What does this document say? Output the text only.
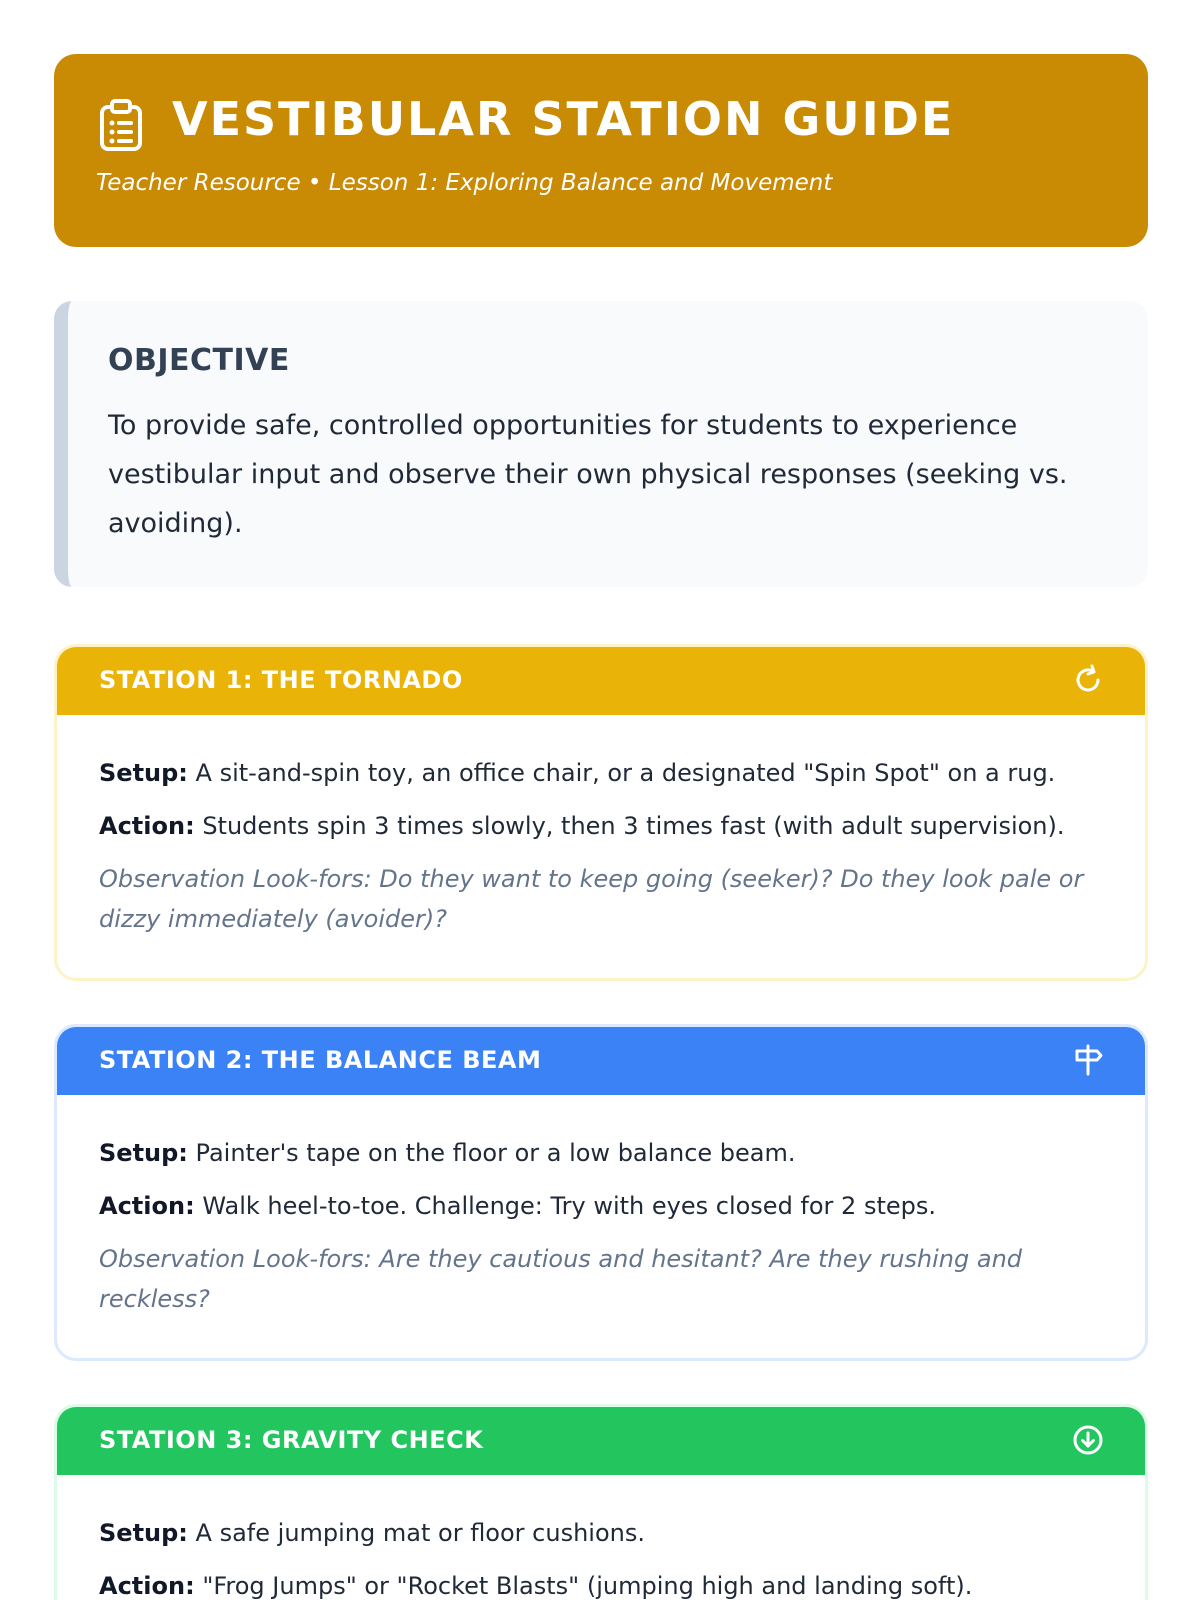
VESTIBULAR STATION GUIDE
Teacher Resource • Lesson 1: Exploring Balance and Movement
OBJECTIVE
To provide safe, controlled opportunities for students to experience vestibular input and observe their own physical responses (seeking vs. avoiding).
STATION 1: THE TORNADO

Setup: A sit-and-spin toy, an office chair, or a designated "Spin Spot" on a rug.

Action: Students spin 3 times slowly, then 3 times fast (with adult supervision).

Observation Look-fors: Do they want to keep going (seeker)? Do they look pale or dizzy immediately (avoider)?

STATION 2: THE BALANCE BEAM

Setup: Painter's tape on the floor or a low balance beam.

Action: Walk heel-to-toe. Challenge: Try with eyes closed for 2 steps.

Observation Look-fors: Are they cautious and hesitant? Are they rushing and reckless?

STATION 3: GRAVITY CHECK

Setup: A safe jumping mat or floor cushions.

Action: "Frog Jumps" or "Rocket Blasts" (jumping high and landing soft).
